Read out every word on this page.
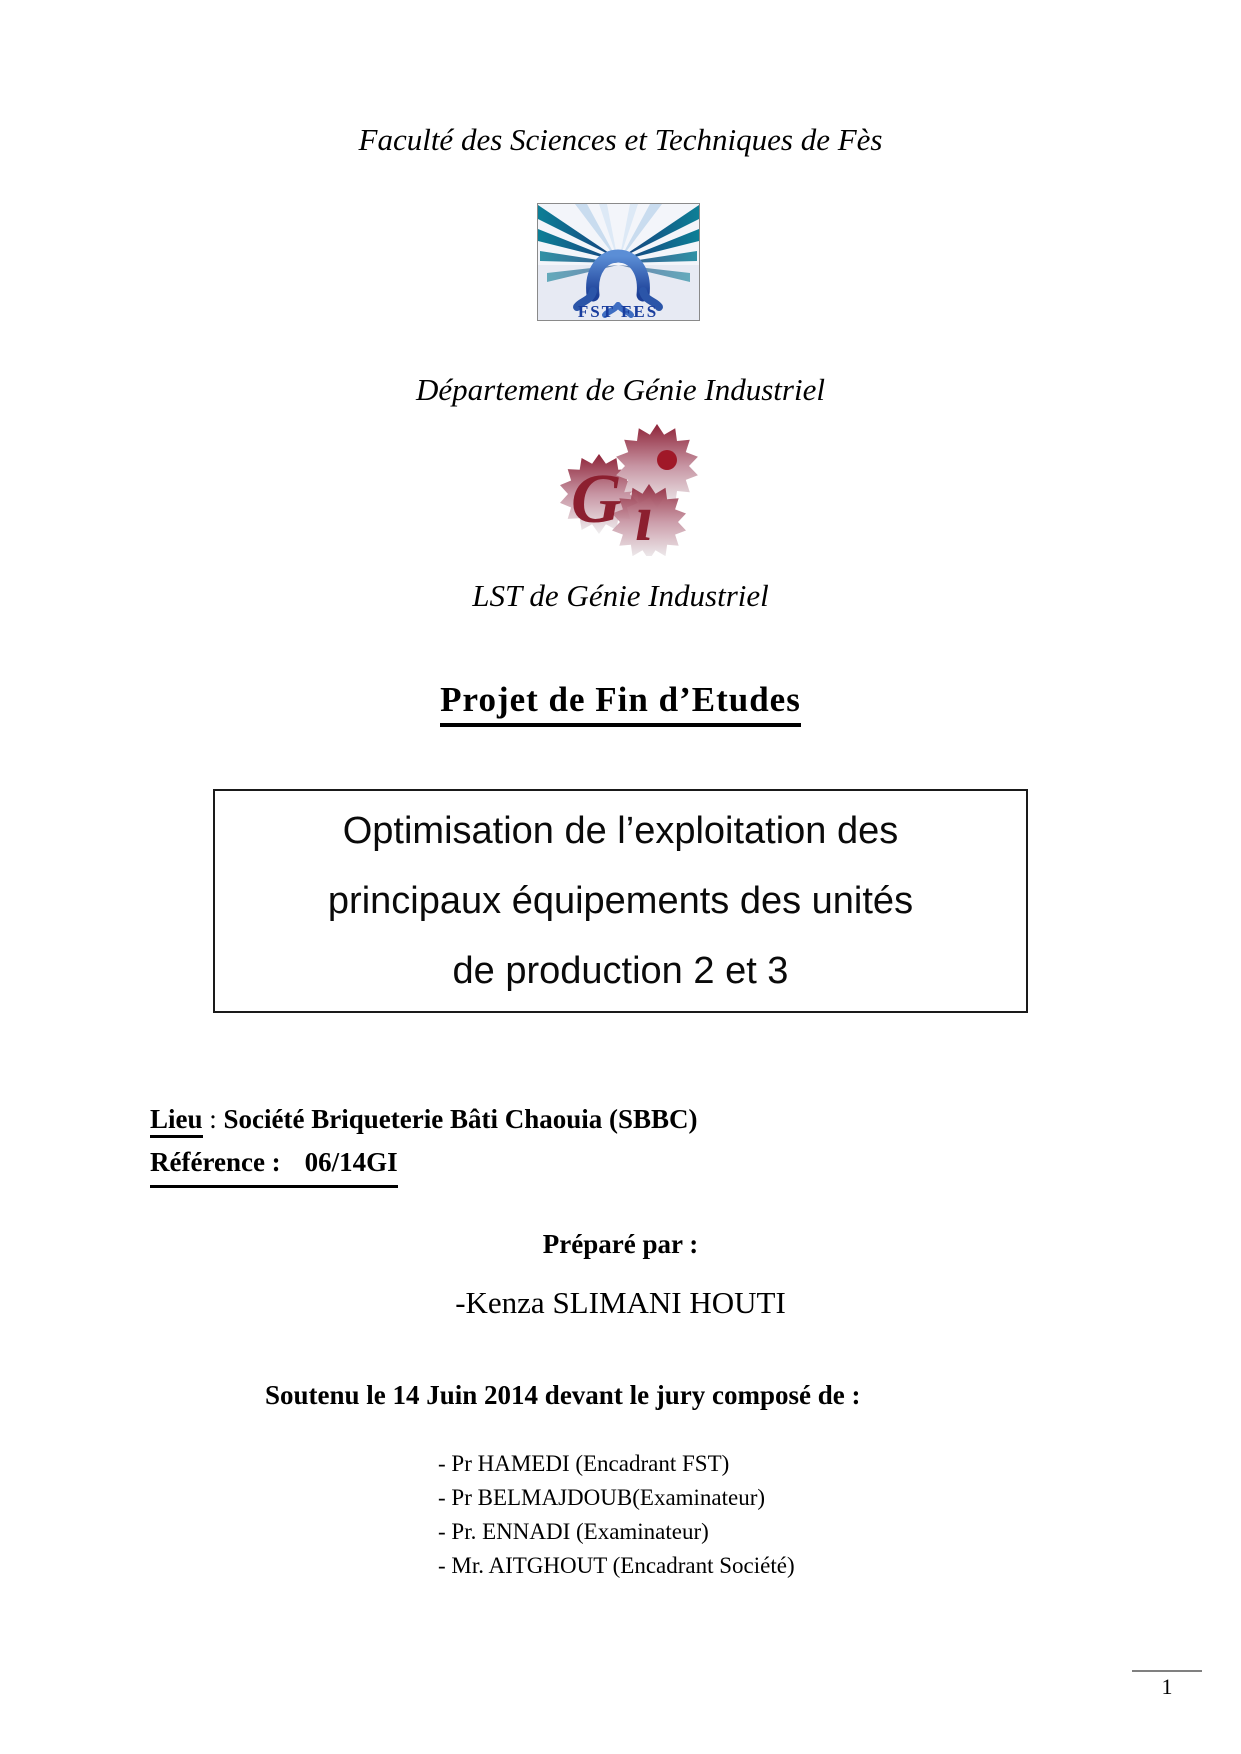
Faculté des Sciences et Techniques de Fès
FST FES
Département de Génie Industriel
G ı
LST de Génie Industriel
Projet de Fin d’Etudes
Optimisation de l’exploitation des
principaux équipements des unités
de production 2 et 3
Lieu : Société Briqueterie Bâti Chaouia (SBBC)
Référence : 06/14GI
Préparé par :
-Kenza SLIMANI HOUTI
Soutenu le 14 Juin 2014 devant le jury composé de :
- Pr HAMEDI (Encadrant FST)
- Pr BELMAJDOUB(Examinateur)
- Pr. ENNADI (Examinateur)
- Mr. AITGHOUT (Encadrant Société)
1
